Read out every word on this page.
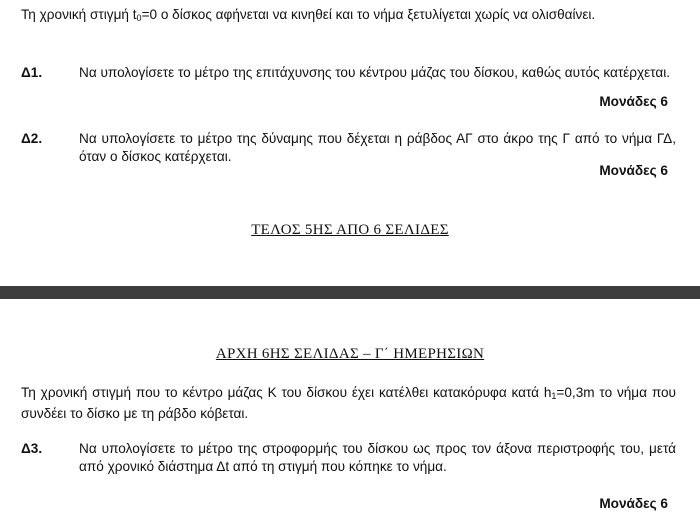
Τη χρονική στιγμή $t_0=0$ ο δίσκος αφήνεται να κινηθεί και το νήμα ξετυλίγεται χωρίς να ολισθαίνει.
Δ1.	Να υπολογίσετε το μέτρο της επιτάχυνσης του κέντρου μάζας του δίσκου, καθώς αυτός κατέρχεται.
Μονάδες 6
Δ2.	Να υπολογίσετε το μέτρο της δύναμης που δέχεται η ράβδος ΑΓ στο άκρο της Γ από το νήμα ΓΔ, όταν ο δίσκος κατέρχεται.
Μονάδες 6
ΤΕΛΟΣ 5ΗΣ ΑΠΟ 6 ΣΕΛΙΔΕΣ
ΑΡΧΗ 6ΗΣ ΣΕΛΙΔΑΣ – Γ΄ ΗΜΕΡΗΣΙΩΝ
Τη χρονική στιγμή που το κέντρο μάζας Κ του δίσκου έχει κατέλθει κατακόρυφα κατά $h_1=0,3m$ το νήμα που συνδέει το δίσκο με τη ράβδο κόβεται.
Δ3.	Να υπολογίσετε το μέτρο της στροφορμής του δίσκου ως προς τον άξονα περιστροφής του, μετά από χρονικό διάστημα Δt από τη στιγμή που κόπηκε το νήμα.
Μονάδες 6
